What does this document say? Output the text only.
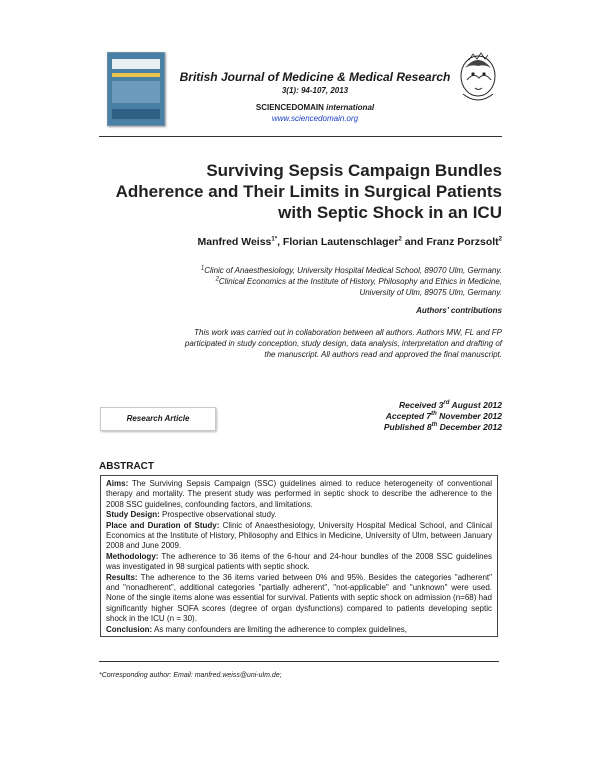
British Journal of Medicine & Medical Research
3(1): 94-107, 2013
SCIENCEDOMAIN international
www.sciencedomain.org
Surviving Sepsis Campaign Bundles
Adherence and Their Limits in Surgical Patients
with Septic Shock in an ICU
Manfred Weiss$^{1*}$, Florian Lautenschlager$^2$ and Franz Porzsolt$^2$
$^1$Clinic of Anaesthesiology, University Hospital Medical School, 89070 Ulm, Germany.
$^2$Clinical Economics at the Institute of History, Philosophy and Ethics in Medicine,
University of Ulm, 89075 Ulm, Germany.
Authors’ contributions
This work was carried out in collaboration between all authors. Authors MW, FL and FP
participated in study conception, study design, data analysis, interpretation and drafting of
the manuscript. All authors read and approved the final manuscript.
Research Article
Received 3rd August 2012
Accepted 7th November 2012
Published 8th December 2012
ABSTRACT

Aims: The Surviving Sepsis Campaign (SSC) guidelines aimed to reduce heterogeneity of conventional therapy and mortality. The present study was performed in septic shock to describe the adherence to the 2008 SSC guidelines, confounding factors, and limitations.

Study Design: Prospective observational study.

Place and Duration of Study: Clinic of Anaesthesiology, University Hospital Medical School, and Clinical Economics at the Institute of History, Philosophy and Ethics in Medicine, University of Ulm, between January 2008 and June 2009.

Methodology: The adherence to 36 items of the 6-hour and 24-hour bundles of the 2008 SSC guidelines was investigated in 98 surgical patients with septic shock.

Results: The adherence to the 36 items varied between 0% and 95%. Besides the categories "adherent" and "nonadherent", additional categories "partially adherent", "not-applicable" and "unknown" were used. None of the single items alone was essential for survival. Patients with septic shock on admission (n=68) had significantly higher SOFA scores (degree of organ dysfunctions) compared to patients developing septic shock in the ICU (n = 30).

Conclusion: As many confounders are limiting the adherence to complex guidelines,

*Corresponding author: Email: manfred.weiss@uni-ulm.de;
